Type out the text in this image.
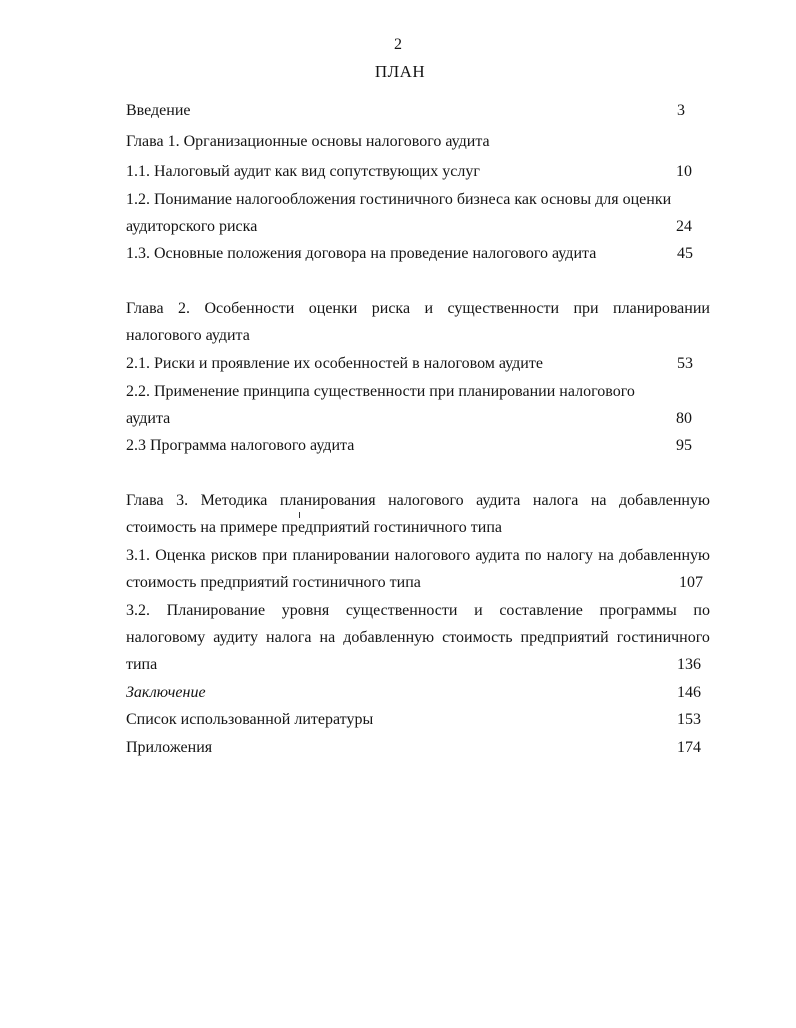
2
ПЛАН
Введение	3
Глава 1. Организационные основы налогового аудита
1.1. Налоговый аудит как вид сопутствующих услуг	10
1.2. Понимание налогообложения гостиничного бизнеса как основы для оценки
аудиторского риска	24
1.3. Основные положения договора на проведение налогового аудита	45
Глава 2. Особенности оценки риска и существенности при планировании
налогового аудита
2.1. Риски и проявление их особенностей в налоговом аудите	53
2.2. Применение принципа существенности при планировании налогового
аудита	80
2.3 Программа налогового аудита	95
Глава 3. Методика планирования налогового аудита налога на добавленную
стоимость на примере предприятий гостиничного типа
3.1. Оценка рисков при планировании налогового аудита по налогу на добавленную
стоимость предприятий гостиничного типа	107
3.2. Планирование уровня существенности и составление программы по
налоговому аудиту налога на добавленную стоимость предприятий гостиничного
типа	136
Заключение	146
Список использованной литературы	153
Приложения	174
